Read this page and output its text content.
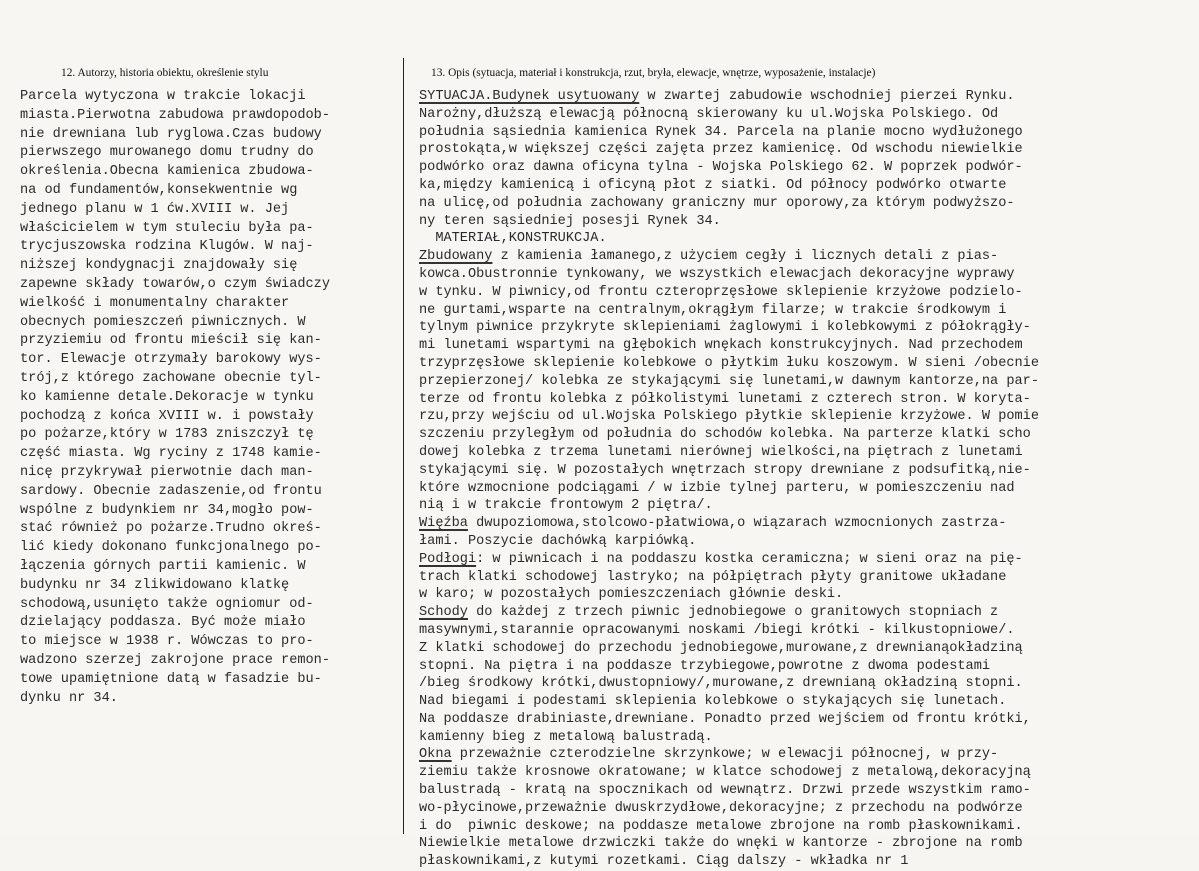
12. Autorzy, historia obiektu, określenie stylu	13. Opis (sytuacja, materiał i konstrukcja, rzut, bryła, elewacje, wnętrze, wyposażenie, instalacje)
Parcela wytyczona w trakcie lokacji
miasta.Pierwotna zabudowa prawdopodob-
nie drewniana lub ryglowa.Czas budowy
pierwszego murowanego domu trudny do
określenia.Obecna kamienica zbudowa-
na od fundamentów,konsekwentnie wg
jednego planu w 1 ćw.XVIII w. Jej
właścicielem w tym stuleciu była pa-
trycjuszowska rodzina Klugów. W naj-
niższej kondygnacji znajdowały się
zapewne składy towarów,o czym świadczy
wielkość i monumentalny charakter
obecnych pomieszczeń piwnicznych. W
przyziemiu od frontu mieścił się kan-
tor. Elewacje otrzymały barokowy wys-
trój,z którego zachowane obecnie tyl-
ko kamienne detale.Dekoracje w tynku
pochodzą z końca XVIII w. i powstały
po pożarze,który w 1783 zniszczył tę
część miasta. Wg ryciny z 1748 kamie-
nicę przykrywał pierwotnie dach man-
sardowy. Obecnie zadaszenie,od frontu
wspólne z budynkiem nr 34,mogło pow-
stać również po pożarze.Trudno okreś-
lić kiedy dokonano funkcjonalnego po-
łączenia górnych partii kamienic. W
budynku nr 34 zlikwidowano klatkę
schodową,usunięto także ogniomur od-
dzielający poddasza. Być może miało
to miejsce w 1938 r. Wówczas to pro-
wadzono szerzej zakrojone prace remon-
towe upamiętnione datą w fasadzie bu-
dynku nr 34.
SYTUACJA.Budynek usytuowany w zwartej zabudowie wschodniej pierzei Rynku.
Narożny,dłuższą elewacją północną skierowany ku ul.Wojska Polskiego. Od
południa sąsiednia kamienica Rynek 34. Parcela na planie mocno wydłużonego
prostokąta,w większej części zajęta przez kamienicę. Od wschodu niewielkie
podwórko oraz dawna oficyna tylna - Wojska Polskiego 62. W poprzek podwór-
ka,między kamienicą i oficyną płot z siatki. Od północy podwórko otwarte
na ulicę,od południa zachowany graniczny mur oporowy,za którym podwyższo-
ny teren sąsiedniej posesji Rynek 34.
MATERIAŁ,KONSTRUKCJA.
Zbudowany z kamienia łamanego,z użyciem cegły i licznych detali z pias-
kowca.Obustronnie tynkowany, we wszystkich elewacjach dekoracyjne wyprawy
w tynku. W piwnicy,od frontu czteroprzęsłowe sklepienie krzyżowe podzielo-
ne gurtami,wsparte na centralnym,okrągłym filarze; w trakcie środkowym i
tylnym piwnice przykryte sklepieniami żaglowymi i kolebkowymi z półokrągły-
mi lunetami wspartymi na głębokich wnękach konstrukcyjnych. Nad przechodem
trzyprzęsłowe sklepienie kolebkowe o płytkim łuku koszowym. W sieni /obecnie
przepierzonej/ kolebka ze stykającymi się lunetami,w dawnym kantorze,na par-
terze od frontu kolebka z półkolistymi lunetami z czterech stron. W koryta-
rzu,przy wejściu od ul.Wojska Polskiego płytkie sklepienie krzyżowe. W pomie
szczeniu przyległym od południa do schodów kolebka. Na parterze klatki scho
dowej kolebka z trzema lunetami nierównej wielkości,na piętrach z lunetami
stykającymi się. W pozostałych wnętrzach stropy drewniane z podsufitką,nie-
które wzmocnione podciągami / w izbie tylnej parteru, w pomieszczeniu nad
nią i w trakcie frontowym 2 piętra/.
Więźba dwupoziomowa,stolcowo-płatwiowa,o wiązarach wzmocnionych zastrza-
łami. Poszycie dachówką karpiówką.
Podłogi: w piwnicach i na poddaszu kostka ceramiczna; w sieni oraz na pię-
trach klatki schodowej lastryko; na półpiętrach płyty granitowe układane
w karo; w pozostałych pomieszczeniach głównie deski.
Schody do każdej z trzech piwnic jednobiegowe o granitowych stopniach z
masywnymi,starannie opracowanymi noskami /biegi krótki - kilkustopniowe/.
Z klatki schodowej do przechodu jednobiegowe,murowane,z drewnianąokładziną
stopni. Na piętra i na poddasze trzybiegowe,powrotne z dwoma podestami
/bieg środkowy krótki,dwustopniowy/,murowane,z drewnianą okładziną stopni.
Nad biegami i podestami sklepienia kolebkowe o stykających się lunetach.
Na poddasze drabiniaste,drewniane. Ponadto przed wejściem od frontu krótki,
kamienny bieg z metalową balustradą.
Okna przeważnie czterodzielne skrzynkowe; w elewacji północnej, w przy-
ziemiu także krosnowe okratowane; w klatce schodowej z metalową,dekoracyjną
balustradą - kratą na spocznikach od wewnątrz. Drzwi przede wszystkim ramo-
wo-płycinowe,przeważnie dwuskrzydłowe,dekoracyjne; z przechodu na podwórze
i do  piwnic deskowe; na poddasze metalowe zbrojone na romb płaskownikami.
Niewielkie metalowe drzwiczki także do wnęki w kantorze - zbrojone na romb
płaskownikami,z kutymi rozetkami. Ciąg dalszy - wkładka nr 1
